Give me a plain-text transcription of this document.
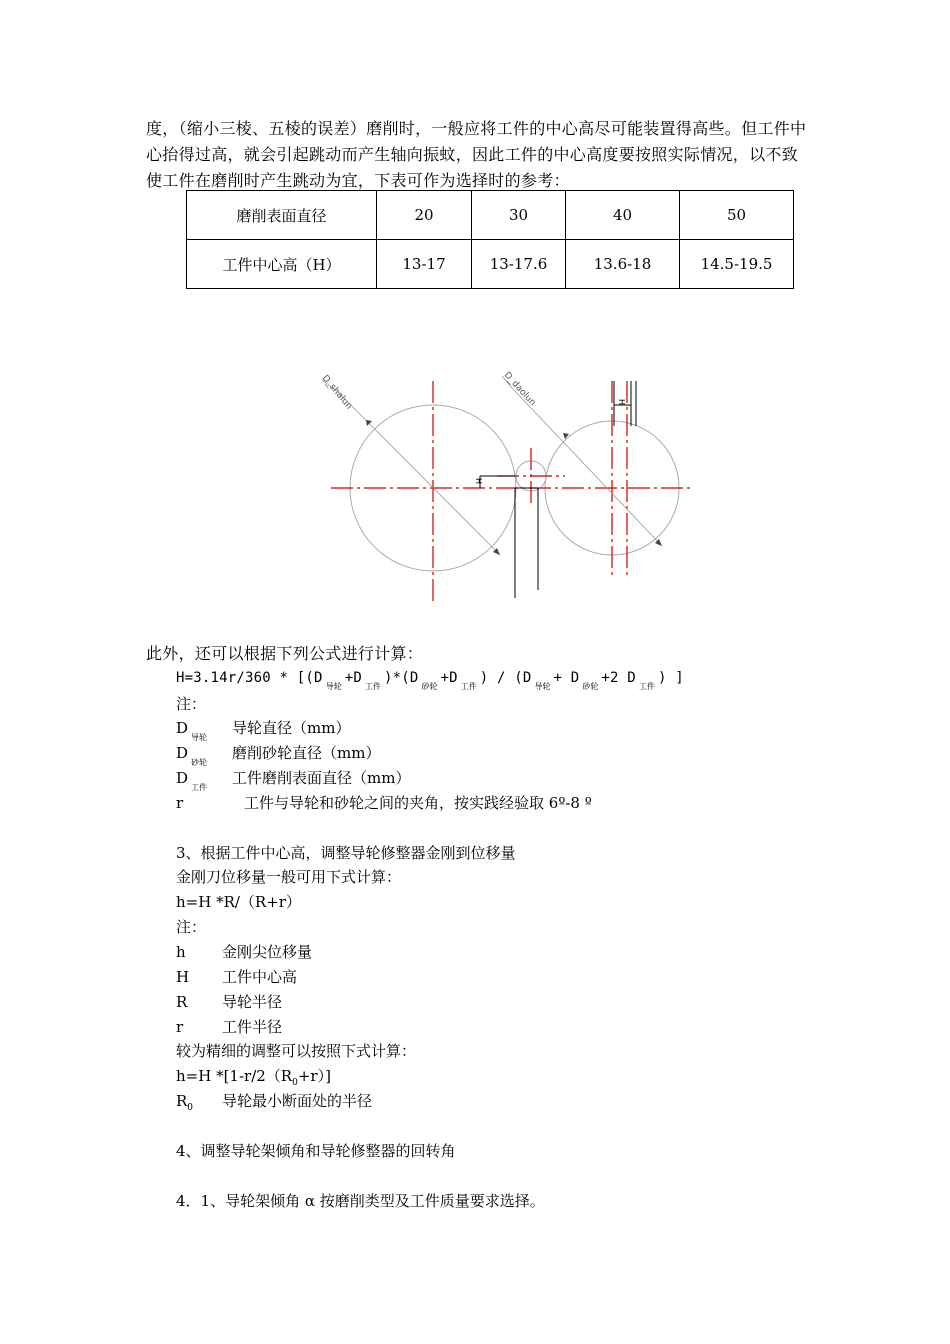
度，（缩小三棱、五棱的误差）磨削时，一般应将工件的中心高尽可能装置得高些。但工件中心抬得过高，就会引起跳动而产生轴向振蚊，因此工件的中心高度要按照实际情况，以不致使工件在磨削时产生跳动为宜，下表可作为选择时的参考：
磨削表面直径	20	30	40	50
工件中心高（H）	13-17	13-17.6	13.6-18	14.5-19.5
D_shalun	D_daolun
H
H
此外，还可以根据下列公式进行计算：
$H=3.14r/360 * [(D_{导轮}+D_{工件})*(D_{砂轮}+D_{工件}) / (D_{导轮}+ D_{砂轮}+2$ $D_{工件}$) ]
注：
$D_{导轮}$导轮直径（mm）
$D_{砂轮}$磨削砂轮直径（mm）
$D_{工件}$工件磨削表面直径（mm）
r	工件与导轮和砂轮之间的夹角，按实践经验取 6º-8 º
3、根据工件中心高，调整导轮修整器金刚到位移量
金刚刀位移量一般可用下式计算：
h=H *R/（R+r）
注：
h 金刚尖位移量
H 工件中心高
R 导轮半径
r	工件半径
较为精细的调整可以按照下式计算：
h=H $*[1-r/2(R_0+r)]$
$R_0$ 导轮最小断面处的半径
4、调整导轮架倾角和导轮修整器的回转角
4．1、导轮架倾角 α 按磨削类型及工件质量要求选择。
